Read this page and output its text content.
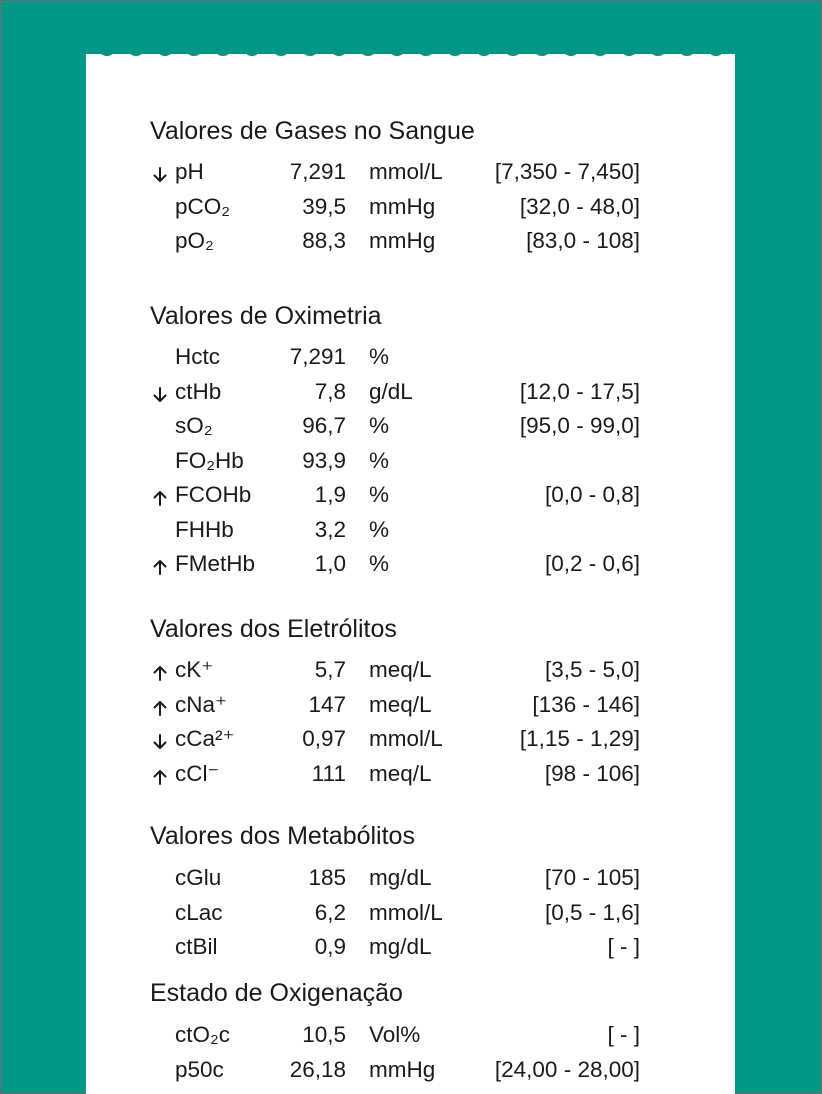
Valores de Gases no Sangue
pH	7,291 mmol/L [7,350 - 7,450]
pCO₂	39,5 mmHg	[32,0 - 48,0]
pO₂	88,3 mmHg	[83,0 - 108]
Valores de Oximetria
Hctc	7,291 %
ctHb	7,8 g/dL	[12,0 - 17,5]
sO₂	96,7 %	[95,0 - 99,0]
FO₂Hb	93,9 %
FCOHb	1,9 %	[0,0 - 0,8]
FHHb	3,2 %
FMetHb	1,0 %	[0,2 - 0,6]
Valores dos Eletrólitos
cK⁺	5,7 meq/L	[3,5 - 5,0]
cNa⁺	147 meq/L	[136 - 146]
cCa²⁺	0,97 mmol/L	[1,15 - 1,29]
cCl⁻	111 meq/L	[98 - 106]
Valores dos Metabólitos
cGlu	185 mg/dL	[70 - 105]
cLac	6,2 mmol/L	[0,5 - 1,6]
ctBil	0,9 mg/dL	[ - ]
Estado de Oxigenação
ctO₂c	10,5 Vol%	[ - ]
p50c	26,18 mmHg	[24,00 - 28,00]
